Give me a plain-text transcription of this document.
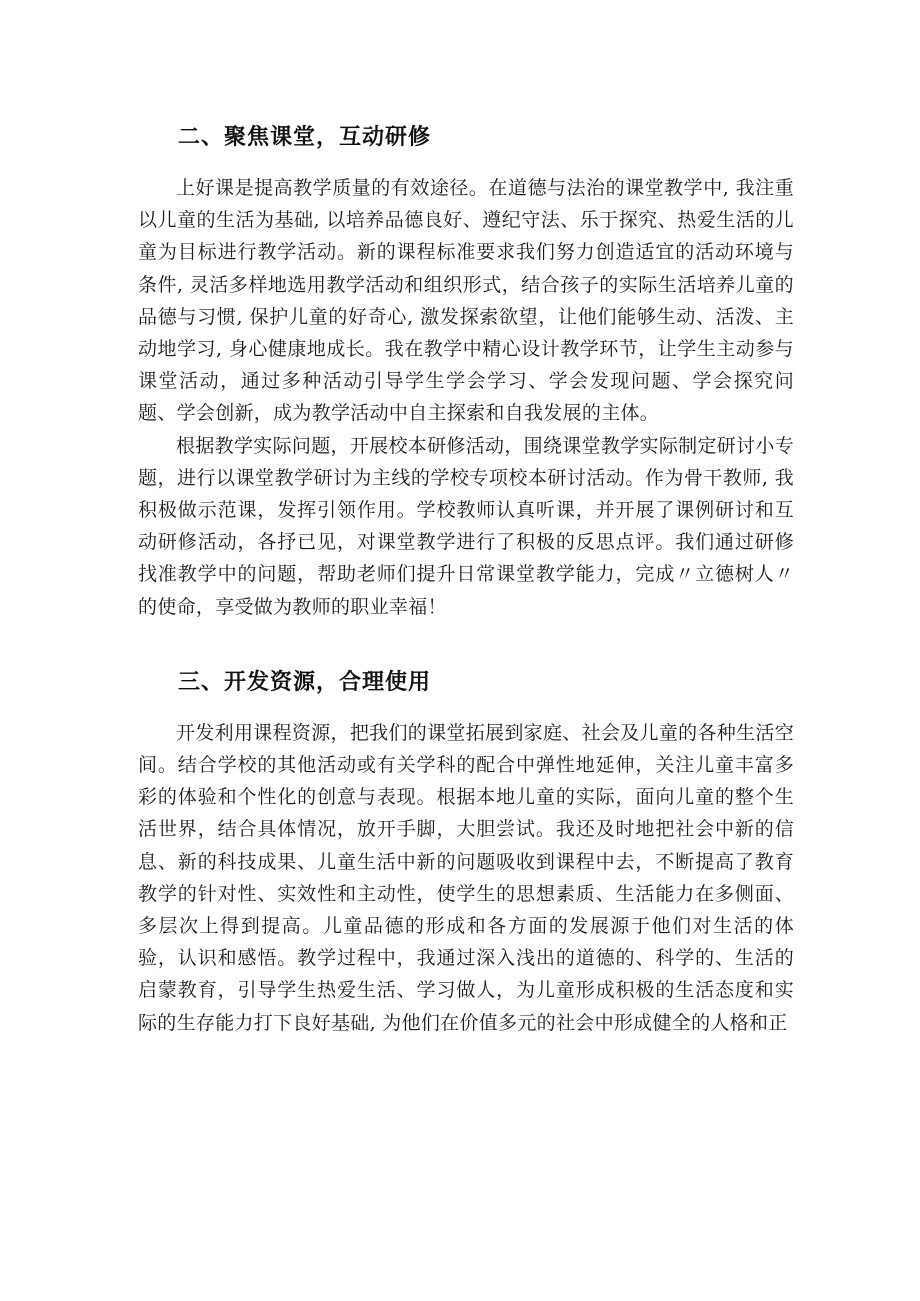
二、聚焦课堂，互动研修

上好课是提高教学质量的有效途径。在道德与法治的课堂教学中, 我注重以儿童的生活为基础, 以培养品德良好、遵纪守法、乐于探究、热爱生活的儿童为目标进行教学活动。新的课程标准要求我们努力创造适宜的活动环境与条件, 灵活多样地选用教学活动和组织形式，结合孩子的实际生活培养儿童的品德与习惯, 保护儿童的好奇心, 激发探索欲望，让他们能够生动、活泼、主动地学习, 身心健康地成长。我在教学中精心设计教学环节，让学生主动参与课堂活动，通过多种活动引导学生学会学习、学会发现问题、学会探究问题、学会创新，成为教学活动中自主探索和自我发展的主体。

根据教学实际问题，开展校本研修活动，围绕课堂教学实际制定研讨小专题，进行以课堂教学研讨为主线的学校专项校本研讨活动。作为骨干教师, 我积极做示范课，发挥引领作用。学校教师认真听课，并开展了课例研讨和互动研修活动，各抒已见，对课堂教学进行了积极的反思点评。我们通过研修找准教学中的问题，帮助老师们提升日常课堂教学能力，完成〃立德树人〃的使命，享受做为教师的职业幸福！

三、开发资源，合理使用

开发利用课程资源，把我们的课堂拓展到家庭、社会及儿童的各种生活空间。结合学校的其他活动或有关学科的配合中弹性地延伸，关注儿童丰富多彩的体验和个性化的创意与表现。根据本地儿童的实际，面向儿童的整个生活世界，结合具体情况，放开手脚，大胆尝试。我还及时地把社会中新的信息、新的科技成果、儿童生活中新的问题吸收到课程中去，不断提高了教育教学的针对性、实效性和主动性，使学生的思想素质、生活能力在多侧面、多层次上得到提高。儿童品德的形成和各方面的发展源于他们对生活的体验，认识和感悟。教学过程中，我通过深入浅出的道德的、科学的、生活的启蒙教育，引导学生热爱生活、学习做人，为儿童形成积极的生活态度和实际的生存能力打下良好基础, 为他们在价值多元的社会中形成健全的人格和正
